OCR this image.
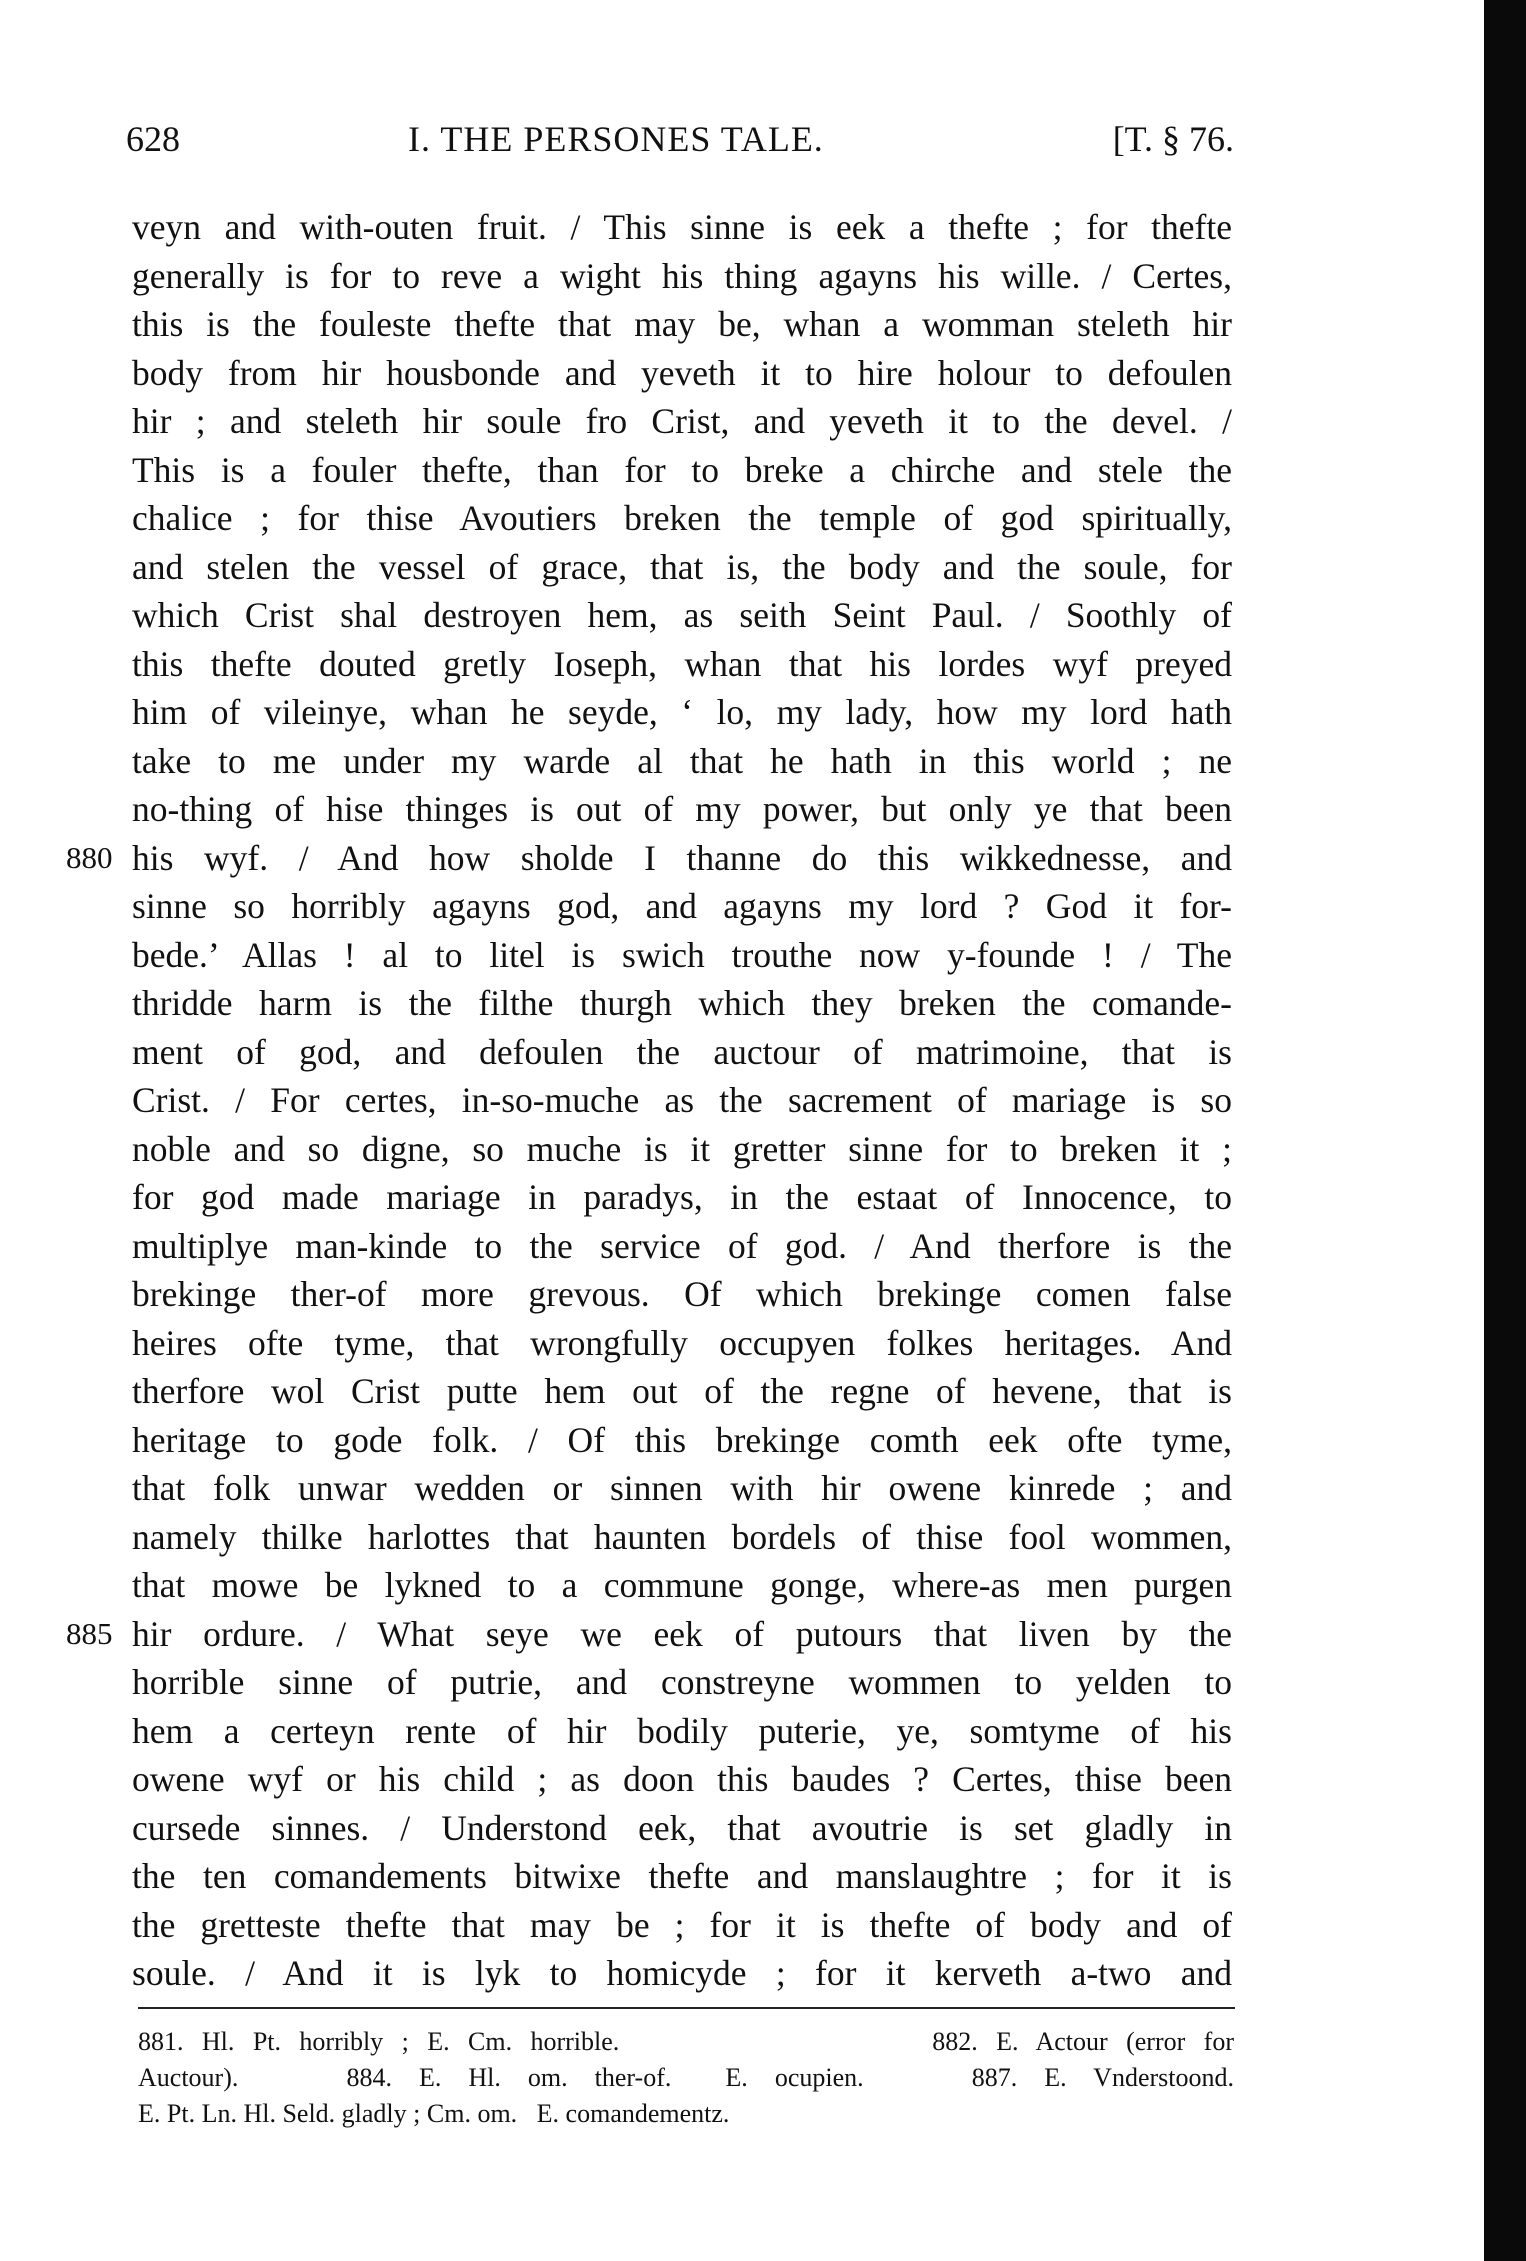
628	I. THE PERSONES TALE.	[T. § 76.
veyn and with-outen fruit. / This sinne is eek a thefte ; for thefte
generally is for to reve a wight his thing agayns his wille. / Certes,
this is the fouleste thefte that may be, whan a womman steleth hir
body from hir housbonde and yeveth it to hire holour to defoulen
hir ; and steleth hir soule fro Crist, and yeveth it to the devel. /
This is a fouler thefte, than for to breke a chirche and stele the
chalice ; for thise Avoutiers breken the temple of god spiritually,
and stelen the vessel of grace, that is, the body and the soule, for
which Crist shal destroyen hem, as seith Seint Paul. / Soothly of
this thefte douted gretly Ioseph, whan that his lordes wyf preyed
him of vileinye, whan he seyde, ‘ lo, my lady, how my lord hath
take to me under my warde al that he hath in this world ; ne
no-thing of hise thinges is out of my power, but only ye that been
880 his wyf. / And how sholde I thanne do this wikkednesse, and
sinne so horribly agayns god, and agayns my lord ? God it for-
bede.’ Allas ! al to litel is swich trouthe now y-founde ! / The
thridde harm is the filthe thurgh which they breken the comande-
ment of god, and defoulen the auctour of matrimoine, that is
Crist. / For certes, in-so-muche as the sacrement of mariage is so
noble and so digne, so muche is it gretter sinne for to breken it ;
for god made mariage in paradys, in the estaat of Innocence, to
multiplye man-kinde to the service of god. / And therfore is the
brekinge ther-of more grevous. Of which brekinge comen false
heires ofte tyme, that wrongfully occupyen folkes heritages. And
therfore wol Crist putte hem out of the regne of hevene, that is
heritage to gode folk. / Of this brekinge comth eek ofte tyme,
that folk unwar wedden or sinnen with hir owene kinrede ; and
namely thilke harlottes that haunten bordels of thise fool wommen,
that mowe be lykned to a commune gonge, where-as men purgen
885 hir ordure. / What seye we eek of putours that liven by the
horrible sinne of putrie, and constreyne wommen to yelden to
hem a certeyn rente of hir bodily puterie, ye, somtyme of his
owene wyf or his child ; as doon this baudes ? Certes, thise been
cursede sinnes. / Understond eek, that avoutrie is set gladly in
the ten comandements bitwixe thefte and manslaughtre ; for it is
the gretteste thefte that may be ; for it is thefte of body and of
soule. / And it is lyk to homicyde ; for it kerveth a-two and
881. Hl. Pt. horribly ; E. Cm. horrible.                 882. E. Actour (error for
Auctour).    884. E. Hl. om. ther-of.  E. ocupien.    887. E. Vnderstoond.
E. Pt. Ln. Hl. Seld. gladly ; Cm. om.   E. comandementz.
